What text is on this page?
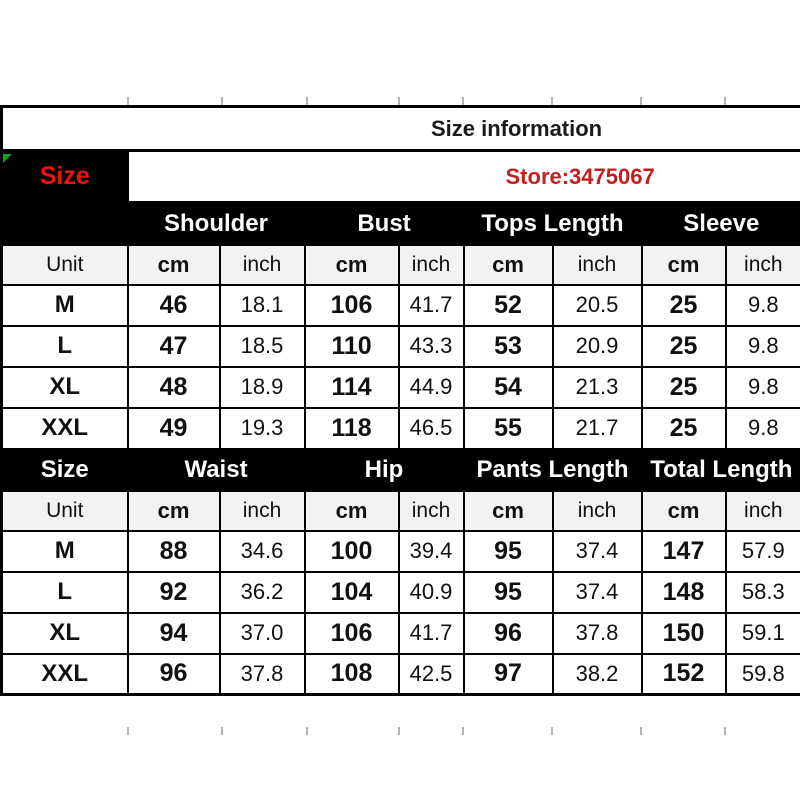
Size information								
Size	Store:3475067							
	Shoulder		Bust		Tops Length		Sleeve	
Unit	cm	inch	cm	inch	cm	inch	cm	inch
M	46	18.1	106	41.7	52	20.5	25	9.8
L	47	18.5	110	43.3	53	20.9	25	9.8
XL	48	18.9	114	44.9	54	21.3	25	9.8
XXL	49	19.3	118	46.5	55	21.7	25	9.8
Size	Waist		Hip		Pants Length		Total Length	
Unit	cm	inch	cm	inch	cm	inch	cm	inch
M	88	34.6	100	39.4	95	37.4	147	57.9
L	92	36.2	104	40.9	95	37.4	148	58.3
XL	94	37.0	106	41.7	96	37.8	150	59.1
XXL	96	37.8	108	42.5	97	38.2	152	59.8
